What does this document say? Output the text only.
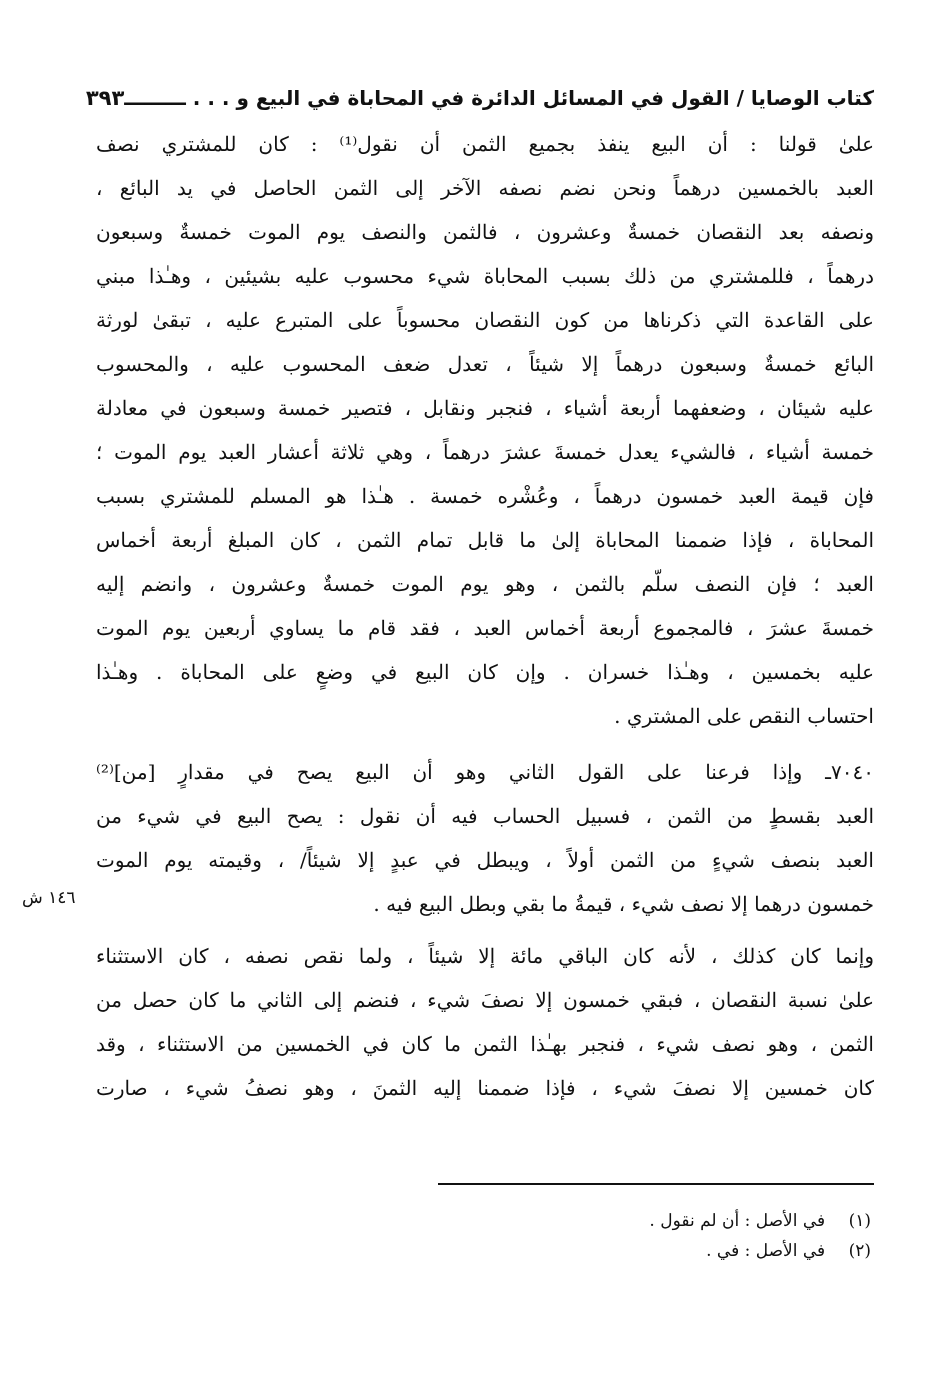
كتاب الوصايا / القول في المسائل الدائرة في المحاباة في البيع و . . . ـــــــــ
٣٩٣
علىٰ قولنا : أن البيع ينفذ بجميع الثمن أن نقول⁽¹⁾ : كان للمشتري نصف
العبد بالخمسين درهماً ونحن نضم نصفه الآخر إلى الثمن الحاصل في يد البائع ،
ونصفه بعد النقصان خمسةٌ وعشرون ، فالثمن والنصف يوم الموت خمسةٌ وسبعون
درهماً ، فللمشتري من ذلك بسبب المحاباة شيء محسوب عليه بشيئين ، وهـٰذا مبني
على القاعدة التي ذكرناها من كون النقصان محسوباً على المتبرع عليه ، تبقىٰ لورثة
البائع خمسةٌ وسبعون درهماً إلا شيئاً ، تعدل ضعف المحسوب عليه ، والمحسوب
عليه شيئان ، وضعفهما أربعة أشياء ، فنجبر ونقابل ، فتصير خمسة وسبعون في معادلة
خمسة أشياء ، فالشيء يعدل خمسةَ عشرَ درهماً ، وهي ثلاثة أعشار العبد يوم الموت ؛
فإن قيمة العبد خمسون درهماً ، وعُشْره خمسة . هـٰذا هو المسلم للمشتري بسبب
المحاباة ، فإذا ضممنا المحاباة إلىٰ ما قابل تمام الثمن ، كان المبلغ أربعة أخماس
العبد ؛ فإن النصف سلّم بالثمن ، وهو يوم الموت خمسةٌ وعشرون ، وانضم إليه
خمسةَ عشرَ ، فالمجموع أربعة أخماس العبد ، فقد قام ما يساوي أربعين يوم الموت
عليه بخمسين ، وهـٰذا خسران . وإن كان البيع في وضعٍ على المحاباة . وهـٰذا
احتساب النقص على المشتري .
٧٠٤٠ـ وإذا فرعنا على القول الثاني وهو أن البيع يصح في مقدارٍ [من]⁽²⁾
العبد بقسطٍ من الثمن ، فسبيل الحساب فيه أن نقول : يصح البيع في شيء من
العبد بنصف شيءٍ من الثمن أولاً ، ويبطل في عبدٍ إلا شيئاً/ ، وقيمته يوم الموت
خمسون درهما إلا نصف شيء ، قيمةُ ما بقي وبطل البيع فيه .
وإنما كان كذلك ، لأنه كان الباقي مائة إلا شيئاً ، ولما نقص نصفه ، كان الاستثناء
علىٰ نسبة النقصان ، فبقي خمسون إلا نصفَ شيء ، فنضم إلى الثاني ما كان حصل من
الثمن ، وهو نصف شيء ، فنجبر بهـٰذا الثمن ما كان في الخمسين من الاستثناء ، وقد
كان خمسين إلا نصفَ شيء ، فإذا ضممنا إليه الثمنَ ، وهو نصفُ شيء ، صارت
١٤٦ ش
(١) في الأصل : أن لم نقول .
(٢) في الأصل : في .
